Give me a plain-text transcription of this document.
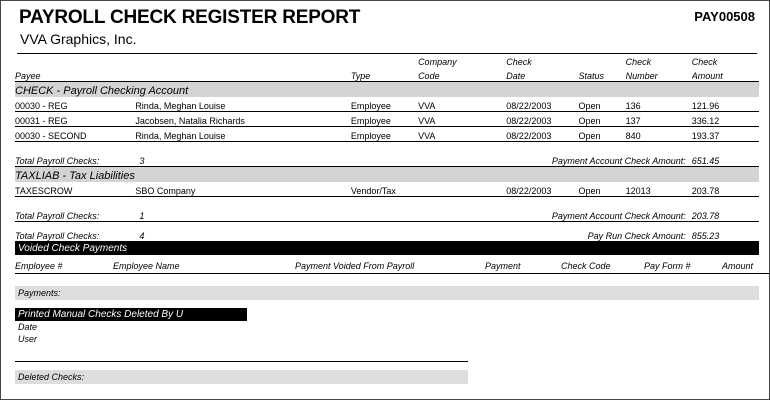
PAYROLL CHECK REGISTER REPORT	PAY00508
VVA Graphics, Inc.
			Company	Check		Check	Check
Payee		Type	Code	Date	Status	Number	Amount
CHECK - Payroll Checking Account							
00030 - REG	Rinda, Meghan Louise	Employee	VVA	08/22/2003	Open	136	121.96
00031 - REG	Jacobsen, Natalia Richards	Employee	VVA	08/22/2003	Open	137	336.12
00030 - SECOND	Rinda, Meghan Louise	Employee	VVA	08/22/2003	Open	840	193.37

Total Payroll Checks:	3			Payment Account Check Amount:			651.45
TAXLIAB - Tax Liabilities							
TAXESCROW	SBO Company	Vendor/Tax		08/22/2003	Open	12013	203.78

Total Payroll Checks:	1			Payment Account Check Amount:			203.78
Total Payroll Checks:	4			Pay Run Check Amount:			855.23
Voided Check Payments
Employee #	Employee Name	Payment Voided From Payroll	Payment	Check Code	Pay Form #	Amount
Payments:
Printed Manual Checks Deleted By U
Date
User
Deleted Checks:
